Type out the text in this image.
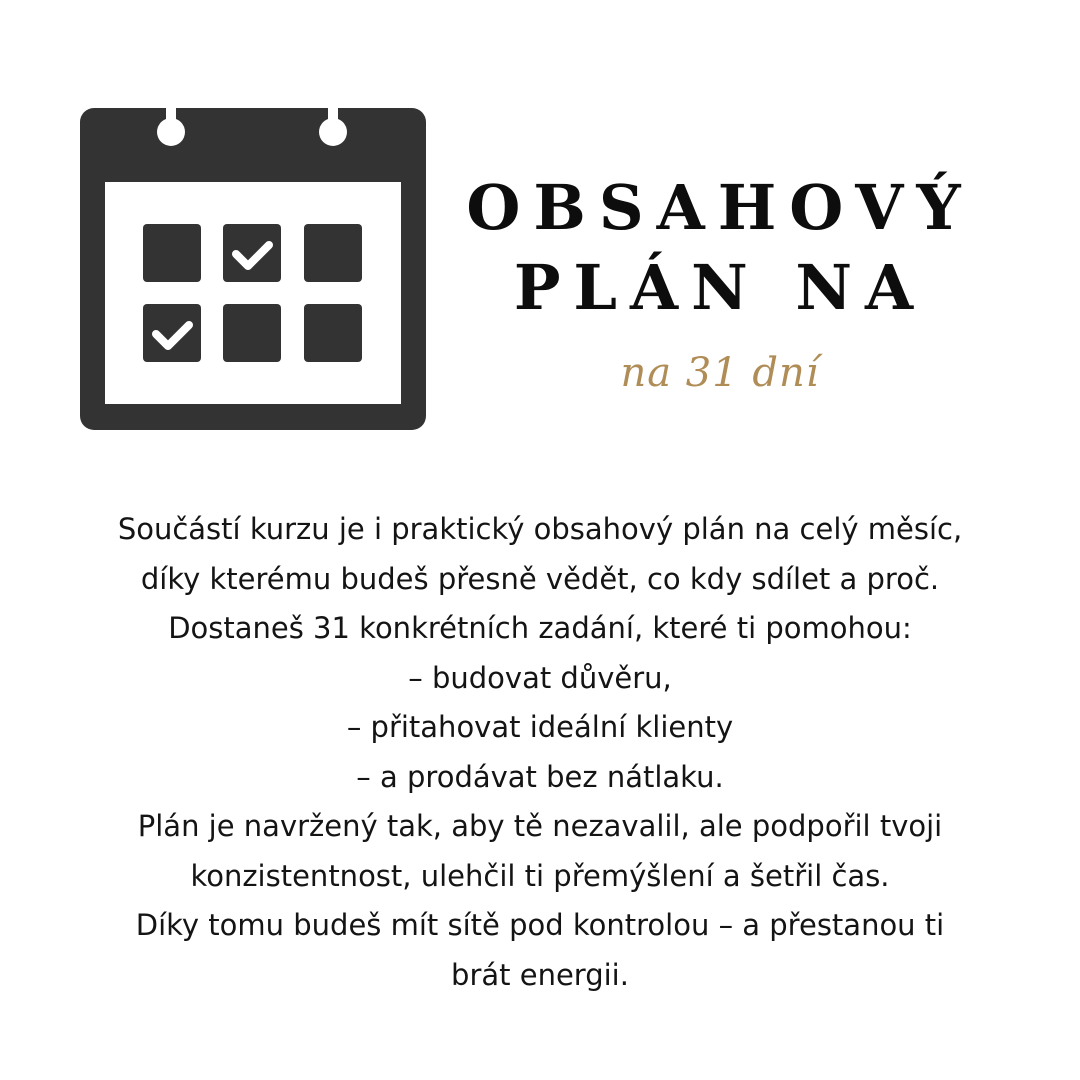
OBSAHOVÝ
PLÁN NA
na 31 dní
Součástí kurzu je i praktický obsahový plán na celý měsíc,
díky kterému budeš přesně vědět, co kdy sdílet a proč.
Dostaneš 31 konkrétních zadání, které ti pomohou:
– budovat důvěru,
– přitahovat ideální klienty
– a prodávat bez nátlaku.
Plán je navržený tak, aby tě nezavalil, ale podpořil tvoji
konzistentnost, ulehčil ti přemýšlení a šetřil čas.
Díky tomu budeš mít sítě pod kontrolou – a přestanou ti
brát energii.
